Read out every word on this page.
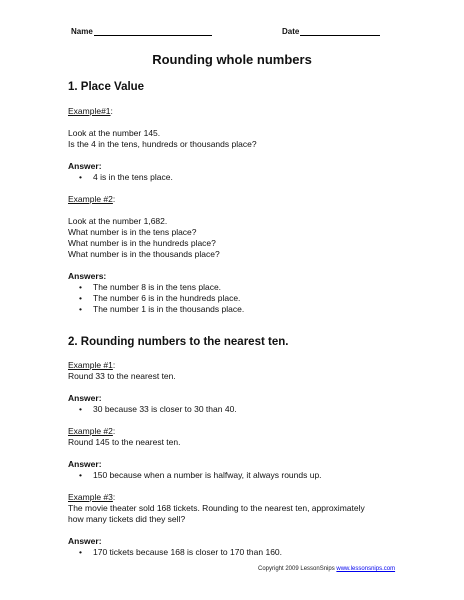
Name	Date
Rounding whole numbers
1. Place Value

Example#1:

Look at the number 145.

Is the 4 in the tens, hundreds or thousands place?

Answer:

• 4 is in the tens place.

Example #2:

Look at the number 1,682.

What number is in the tens place?

What number is in the hundreds place?

What number is in the thousands place?

Answers:

• The number 8 is in the tens place.
• The number 6 is in the hundreds place.
• The number 1 is in the thousands place.
2. Rounding numbers to the nearest ten.

Example #1:

Round 33 to the nearest ten.

Answer:

• 30 because 33 is closer to 30 than 40.

Example #2:

Round 145 to the nearest ten.

Answer:

• 150 because when a number is halfway, it always rounds up.

Example #3:

The movie theater sold 168 tickets. Rounding to the nearest ten, approximately

how many tickets did they sell?

Answer:

• 170 tickets because 168 is closer to 170 than 160.
Copyright 2009 LessonSnips www.lessonsnips.com
